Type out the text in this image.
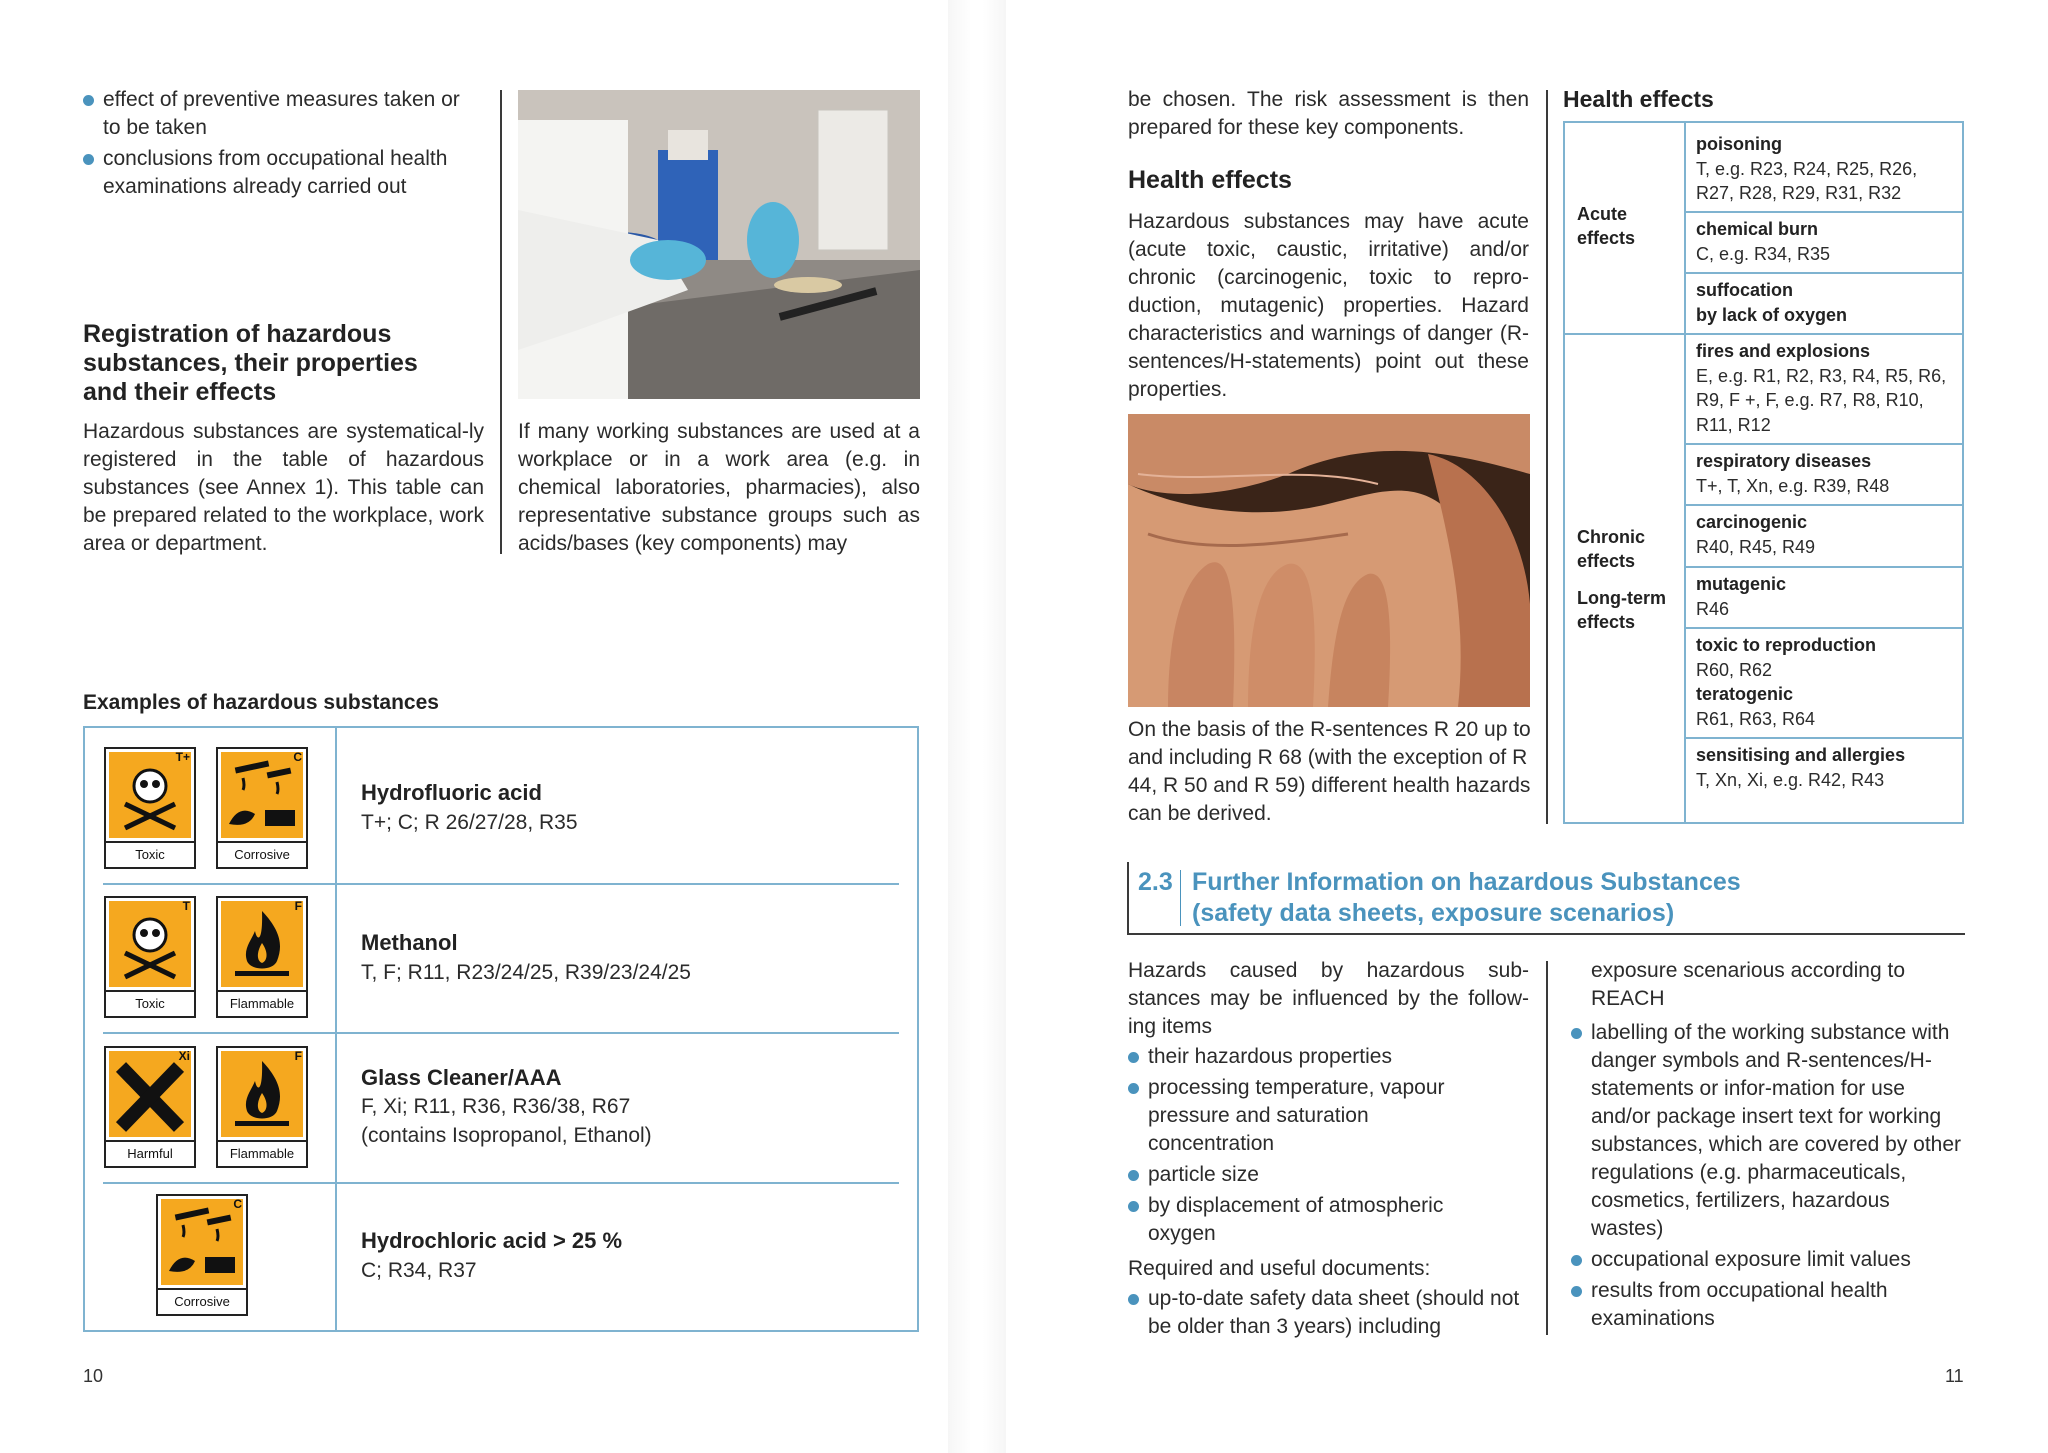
effect of preventive measures taken or to be taken
conclusions from occupational health examinations already carried out
Registration of hazardous
substances, their properties
and their effects
Hazardous substances are systematical-ly registered in the table of hazardous substances (see Annex 1). This table can be prepared related to the workplace, work area or department.
If many working substances are used at a workplace or in a work area (e.g. in chemical laboratories, pharmacies), also representative substance groups such as acids/bases (key components) may
Examples of hazardous substances
T+
Toxic
C
Corrosive
Hydrofluoric acid
T+; C; R 26/27/28, R35
T
Toxic
F
Flammable
Methanol
T, F; R11, R23/24/25, R39/23/24/25
Xi
Harmful
F
Flammable
Glass Cleaner/AAA
F, Xi; R11, R36, R36/38, R67
(contains Isopropanol, Ethanol)
C
Corrosive
Hydrochloric acid > 25 %
C; R34, R37
10
be chosen. The risk assessment is then prepared for these key components.
Health effects
Hazardous substances may have acute (acute toxic, caustic, irritative) and/or chronic (carcinogenic, toxic to repro-duction, mutagenic) properties. Hazard characteristics and warnings of danger (R-sentences/H-statements) point out these properties.
On the basis of the R-sentences R 20 up to and including R 68 (with the exception of R 44, R 50 and R 59) different health hazards can be derived.
Health effects
Acute
effects
Chronic
effects
Long-term
effects
poisoning
T, e.g. R23, R24, R25, R26,
R27, R28, R29, R31, R32
chemical burn
C, e.g. R34, R35
suffocation
by lack of oxygen
fires and explosions
E, e.g. R1, R2, R3, R4, R5, R6,
R9, F +, F, e.g. R7, R8, R10,
R11, R12
respiratory diseases
T+, T, Xn, e.g. R39, R48
carcinogenic
R40, R45, R49
mutagenic
R46
toxic to reproduction
R60, R62
teratogenic
R61, R63, R64
sensitising and allergies
T, Xn, Xi, e.g. R42, R43
2.3 Further Information on hazardous Substances
(safety data sheets, exposure scenarios)
Hazards caused by hazardous sub-stances may be influenced by the follow-ing items
their hazardous properties
processing temperature, vapour pressure and saturation concentration
particle size
by displacement of atmospheric oxygen
Required and useful documents:
up-to-date safety data sheet (should not be older than 3 years) including
exposure scenarious according to REACH
labelling of the working substance with danger symbols and R-sentences/H-statements or infor-mation for use and/or package insert text for working substances, which are covered by other regulations (e.g. pharmaceuticals, cosmetics, fertilizers, hazardous wastes)
occupational exposure limit values
results from occupational health examinations
11
